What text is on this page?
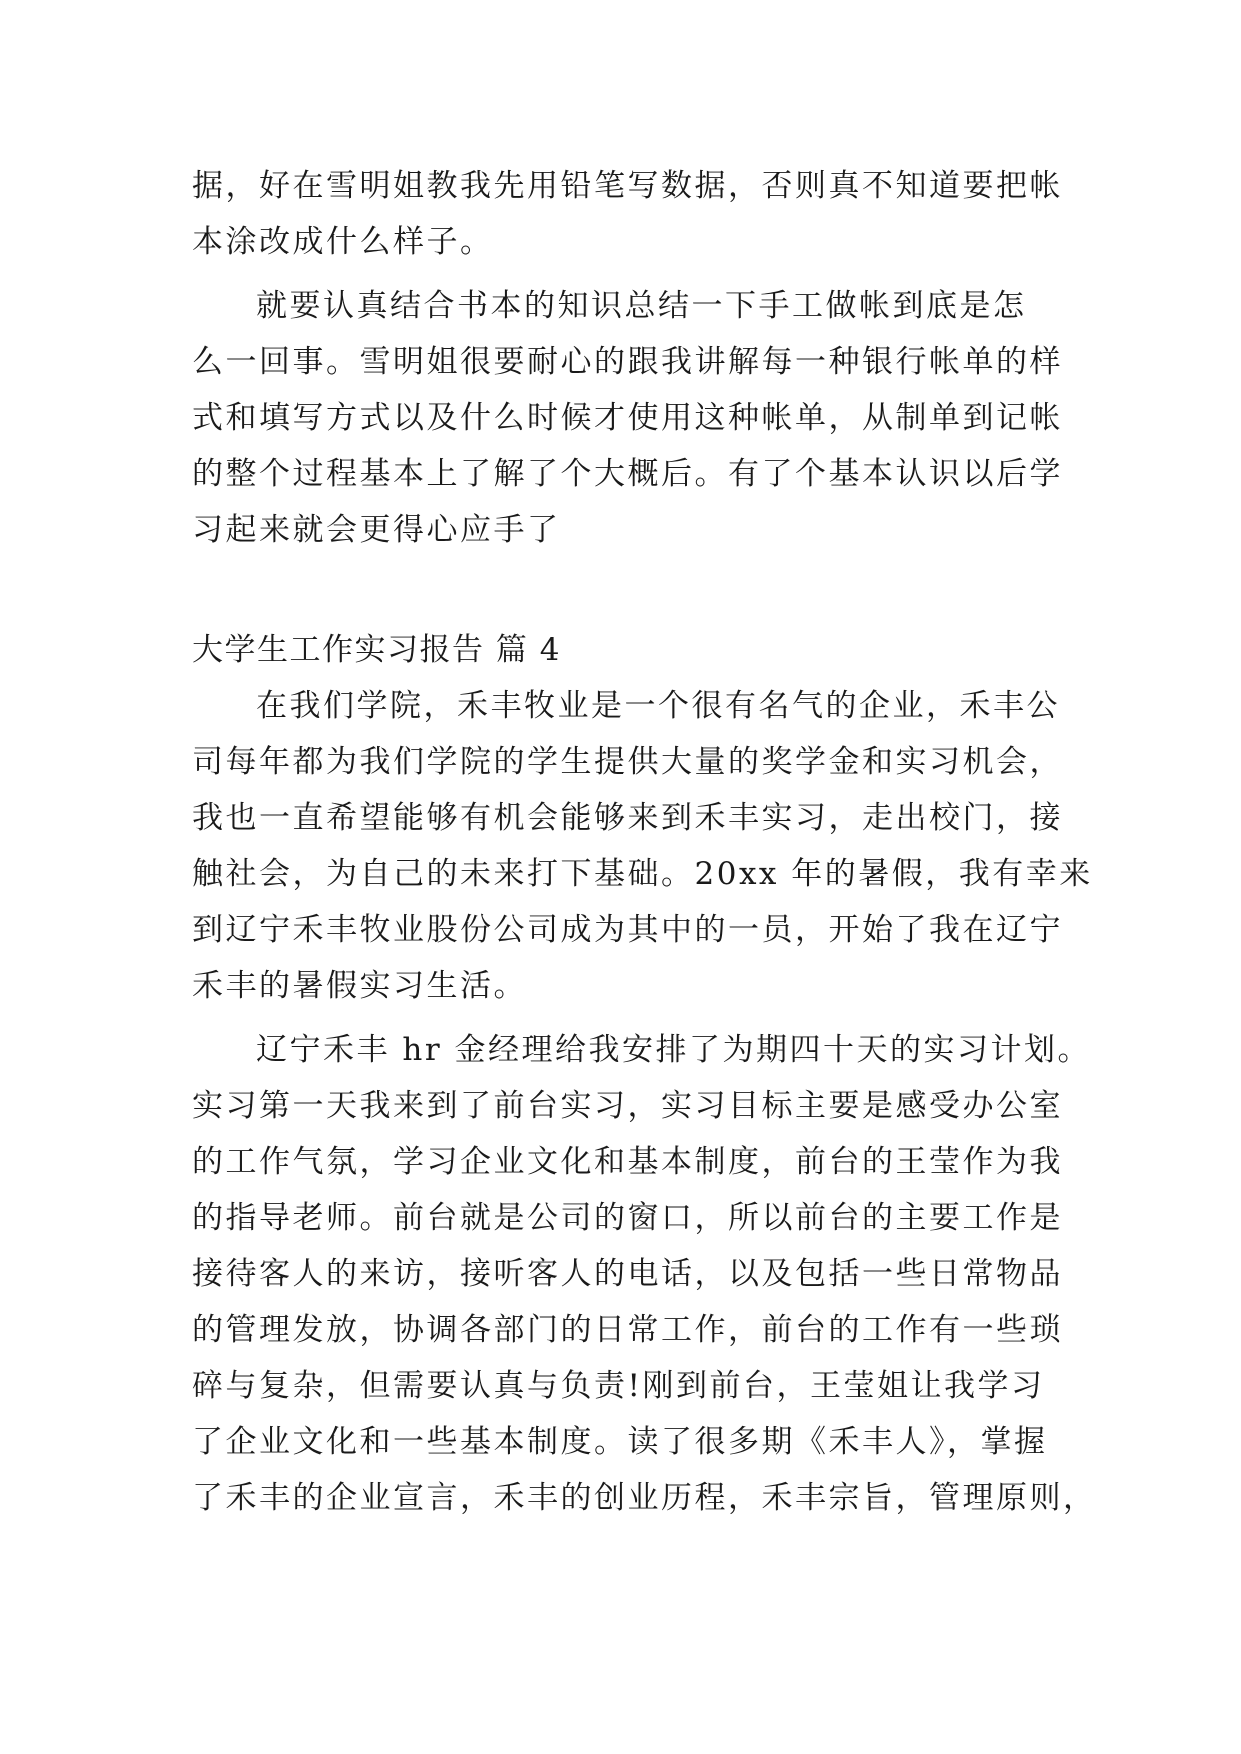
据，好在雪明姐教我先用铅笔写数据，否则真不知道要把帐
本涂改成什么样子。
就要认真结合书本的知识总结一下手工做帐到底是怎
么一回事。雪明姐很要耐心的跟我讲解每一种银行帐单的样
式和填写方式以及什么时候才使用这种帐单，从制单到记帐
的整个过程基本上了解了个大概后。有了个基本认识以后学
习起来就会更得心应手了
大学生工作实习报告 篇 4
在我们学院，禾丰牧业是一个很有名气的企业，禾丰公
司每年都为我们学院的学生提供大量的奖学金和实习机会，
我也一直希望能够有机会能够来到禾丰实习，走出校门，接
触社会，为自己的未来打下基础。20xx 年的暑假，我有幸来
到辽宁禾丰牧业股份公司成为其中的一员，开始了我在辽宁
禾丰的暑假实习生活。
辽宁禾丰 hr 金经理给我安排了为期四十天的实习计划。
实习第一天我来到了前台实习，实习目标主要是感受办公室
的工作气氛，学习企业文化和基本制度，前台的王莹作为我
的指导老师。前台就是公司的窗口，所以前台的主要工作是
接待客人的来访，接听客人的电话，以及包括一些日常物品
的管理发放，协调各部门的日常工作，前台的工作有一些琐
碎与复杂，但需要认真与负责!刚到前台，王莹姐让我学习
了企业文化和一些基本制度。读了很多期《禾丰人》，掌握
了禾丰的企业宣言，禾丰的创业历程，禾丰宗旨，管理原则，
